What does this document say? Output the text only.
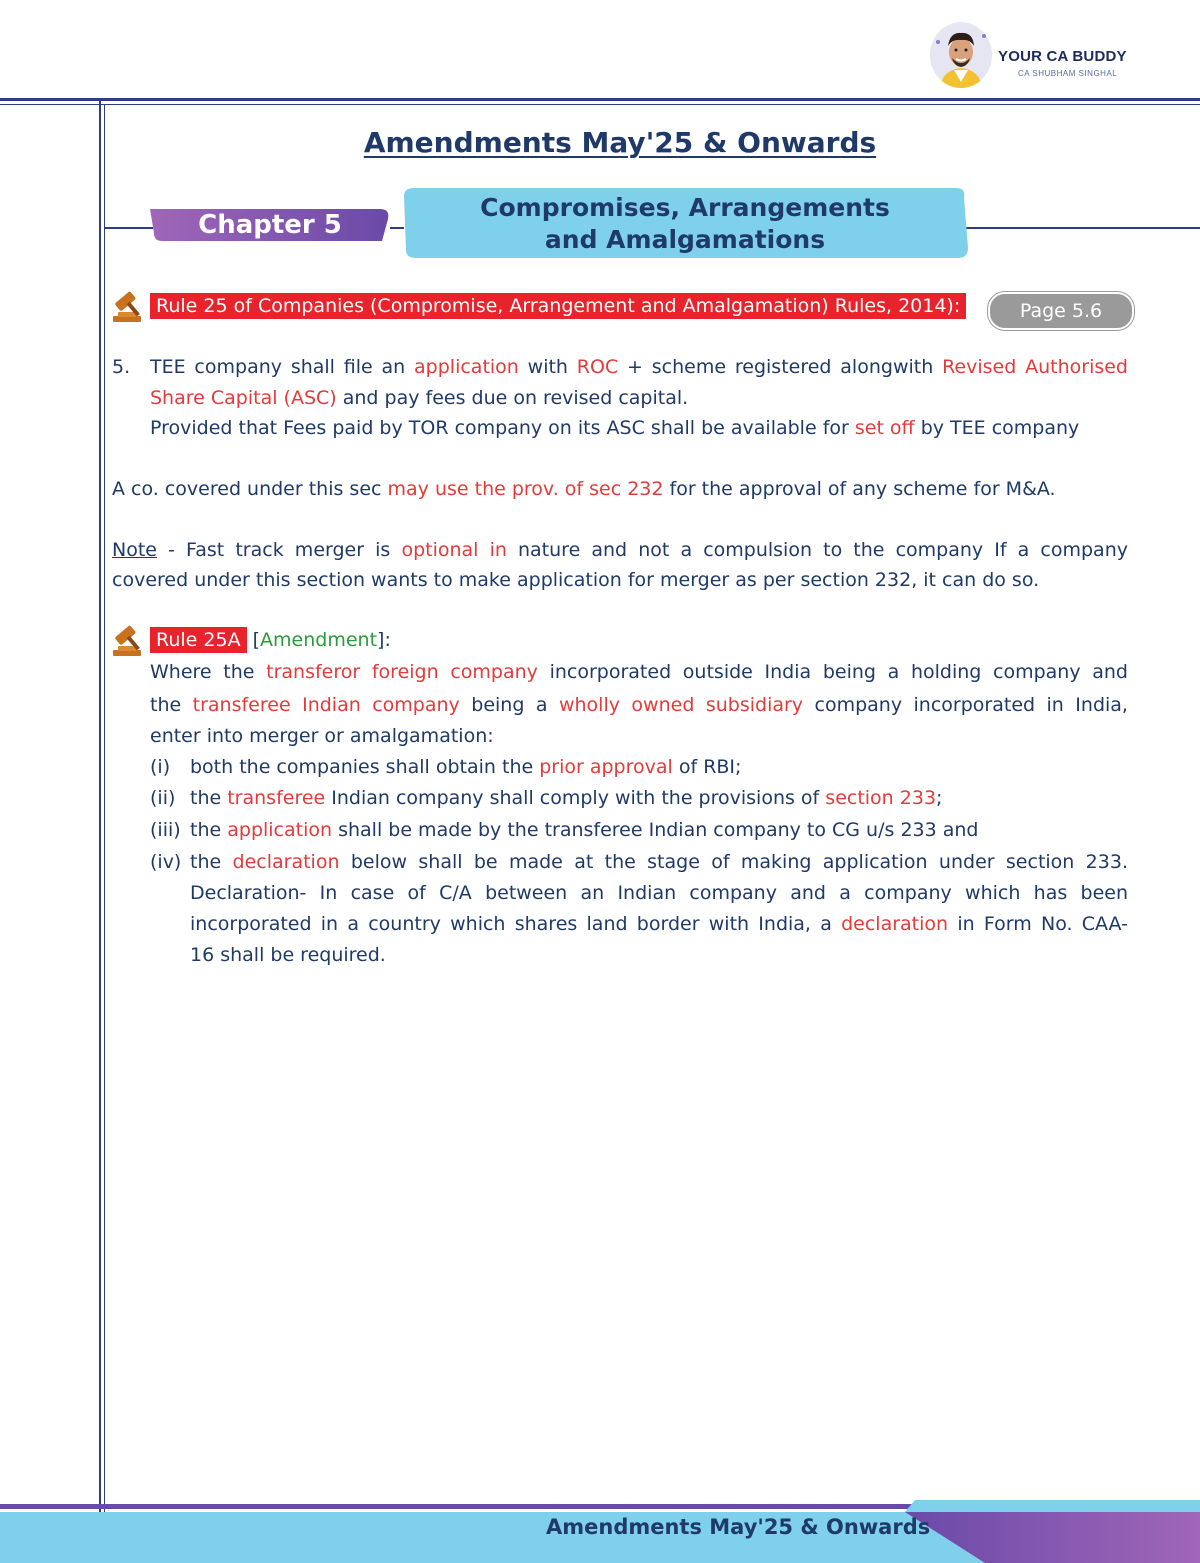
YOUR CA BUDDY
CA SHUBHAM SINGHAL
Amendments May'25 & Onwards
Chapter 5
Compromises, Arrangements
and Amalgamations
Rule 25 of Companies (Compromise, Arrangement and Amalgamation) Rules, 2014):	Page 5.6
5. TEE company shall file an application with ROC + scheme registered alongwith Revised Authorised
Share Capital (ASC) and pay fees due on revised capital.
Provided that Fees paid by TOR company on its ASC shall be available for set off by TEE company
A co. covered under this sec may use the prov. of sec 232 for the approval of any scheme for M&A.
Note - Fast track merger is optional in nature and not a compulsion to the company If a company
covered under this section wants to make application for merger as per section 232, it can do so.
Rule 25A [Amendment]:
Where the transferor foreign company incorporated outside India being a holding company and
the transferee Indian company being a wholly owned subsidiary company incorporated in India,
enter into merger or amalgamation:
(i) both the companies shall obtain the prior approval of RBI;
(ii) the transferee Indian company shall comply with the provisions of section 233;
(iii) the application shall be made by the transferee Indian company to CG u/s 233 and
(iv) the declaration below shall be made at the stage of making application under section 233.
Declaration- In case of C/A between an Indian company and a company which has been
incorporated in a country which shares land border with India, a declaration in Form No. CAA-
16 shall be required.
Amendments May'25 & Onwards
